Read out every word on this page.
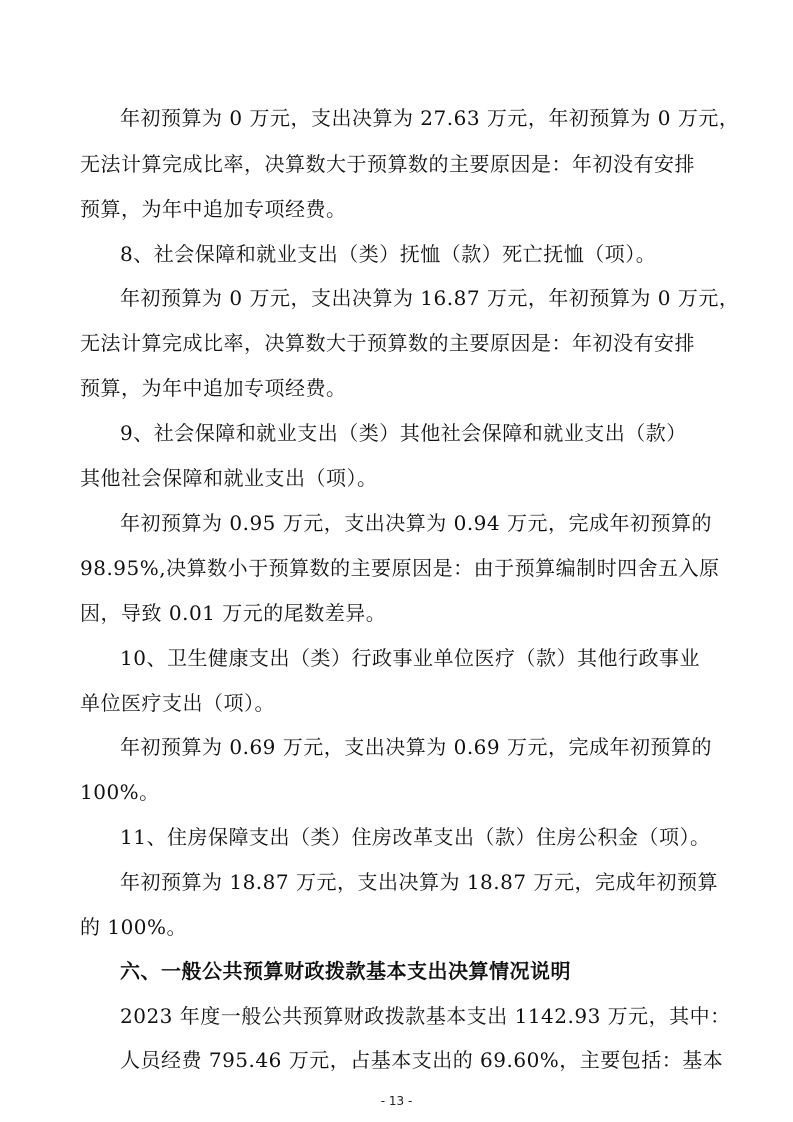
年初预算为 0 万元，支出决算为 27.63 万元，年初预算为 0 万元，
无法计算完成比率，决算数大于预算数的主要原因是：年初没有安排
预算，为年中追加专项经费。
8、社会保障和就业支出（类）抚恤（款）死亡抚恤（项）。
年初预算为 0 万元，支出决算为 16.87 万元，年初预算为 0 万元，
无法计算完成比率，决算数大于预算数的主要原因是：年初没有安排
预算，为年中追加专项经费。
9、社会保障和就业支出（类）其他社会保障和就业支出（款）
其他社会保障和就业支出（项）。
年初预算为 0.95 万元，支出决算为 0.94 万元，完成年初预算的
98.95%,决算数小于预算数的主要原因是：由于预算编制时四舍五入原
因，导致 0.01 万元的尾数差异。
10、卫生健康支出（类）行政事业单位医疗（款）其他行政事业
单位医疗支出（项）。
年初预算为 0.69 万元，支出决算为 0.69 万元，完成年初预算的
100%。
11、住房保障支出（类）住房改革支出（款）住房公积金（项）。
年初预算为 18.87 万元，支出决算为 18.87 万元，完成年初预算
的 100%。
六、一般公共预算财政拨款基本支出决算情况说明
2023 年度一般公共预算财政拨款基本支出 1142.93 万元，其中：
人员经费 795.46 万元，占基本支出的 69.60%，主要包括：基本
- 13 -
